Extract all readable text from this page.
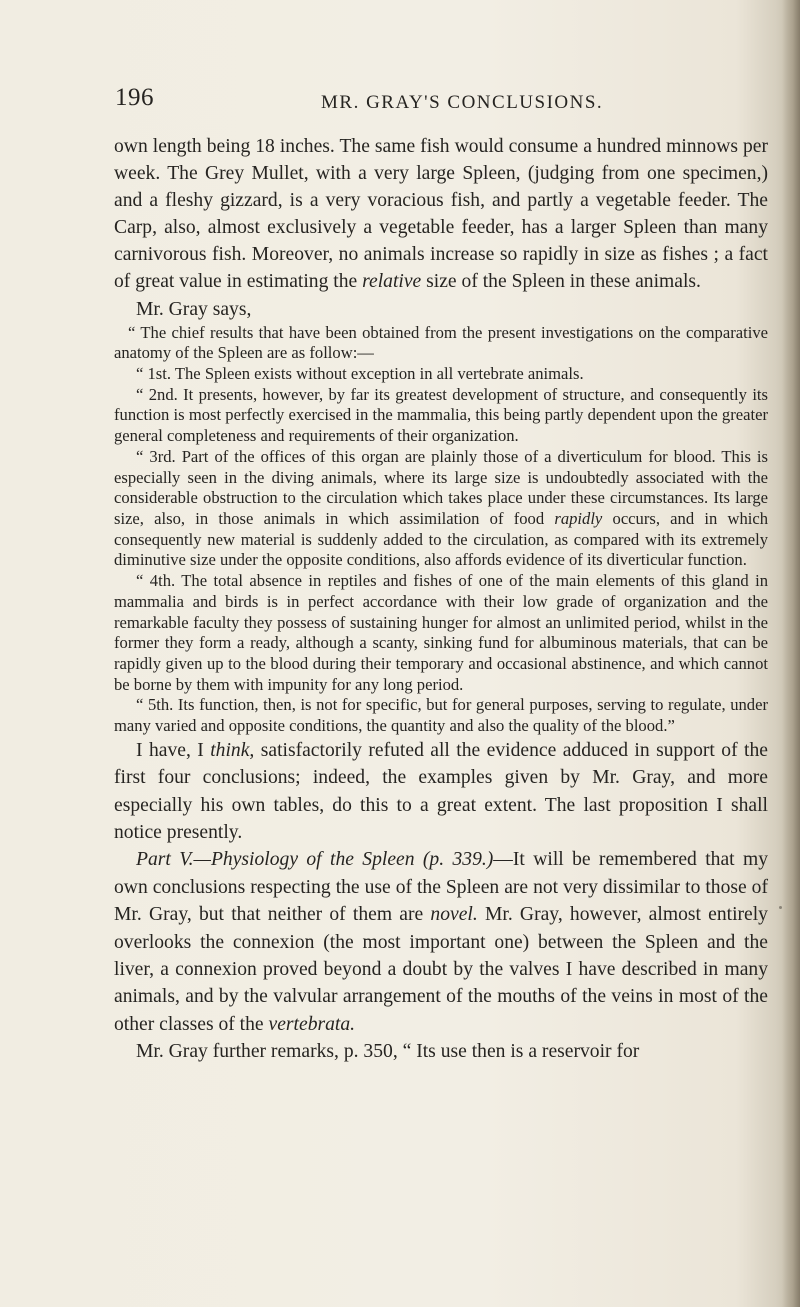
196	MR. GRAY'S CONCLUSIONS.

own length being 18 inches. The same fish would consume a hundred minnows per week. The Grey Mullet, with a very large Spleen, (judging from one specimen,) and a fleshy gizzard, is a very voracious fish, and partly a vegetable feeder. The Carp, also, almost exclusively a vegetable feeder, has a larger Spleen than many carnivorous fish. Moreover, no animals increase so rapidly in size as fishes ; a fact of great value in estimating the relative size of the Spleen in these animals.

Mr. Gray says,

“ The chief results that have been obtained from the present investigations on the comparative anatomy of the Spleen are as follow:—

“ 1st. The Spleen exists without exception in all vertebrate animals.

“ 2nd. It presents, however, by far its greatest development of structure, and consequently its function is most perfectly exercised in the mammalia, this being partly dependent upon the greater general completeness and requirements of their organization.

“ 3rd. Part of the offices of this organ are plainly those of a diverticulum for blood. This is especially seen in the diving animals, where its large size is undoubtedly associated with the considerable obstruction to the circulation which takes place under these circumstances. Its large size, also, in those animals in which assimilation of food rapidly occurs, and in which consequently new material is suddenly added to the circulation, as compared with its extremely diminutive size under the opposite conditions, also affords evidence of its diverticular function.

“ 4th. The total absence in reptiles and fishes of one of the main elements of this gland in mammalia and birds is in perfect accordance with their low grade of organization and the remarkable faculty they possess of sustaining hunger for almost an unlimited period, whilst in the former they form a ready, although a scanty, sinking fund for albuminous materials, that can be rapidly given up to the blood during their temporary and occasional abstinence, and which cannot be borne by them with impunity for any long period.

“ 5th. Its function, then, is not for specific, but for general purposes, serving to regulate, under many varied and opposite conditions, the quantity and also the quality of the blood.”

I have, I think, satisfactorily refuted all the evidence adduced in support of the first four conclusions; indeed, the examples given by Mr. Gray, and more especially his own tables, do this to a great extent. The last proposition I shall notice presently.

Part V.—Physiology of the Spleen (p. 339.)—It will be remembered that my own conclusions respecting the use of the Spleen are not very dissimilar to those of Mr. Gray, but that neither of them are novel. Mr. Gray, however, almost entirely overlooks the connexion (the most important one) between the Spleen and the liver, a connexion proved beyond a doubt by the valves I have described in many animals, and by the valvular arrangement of the mouths of the veins in most of the other classes of the vertebrata.

Mr. Gray further remarks, p. 350, “ Its use then is a reservoir for
